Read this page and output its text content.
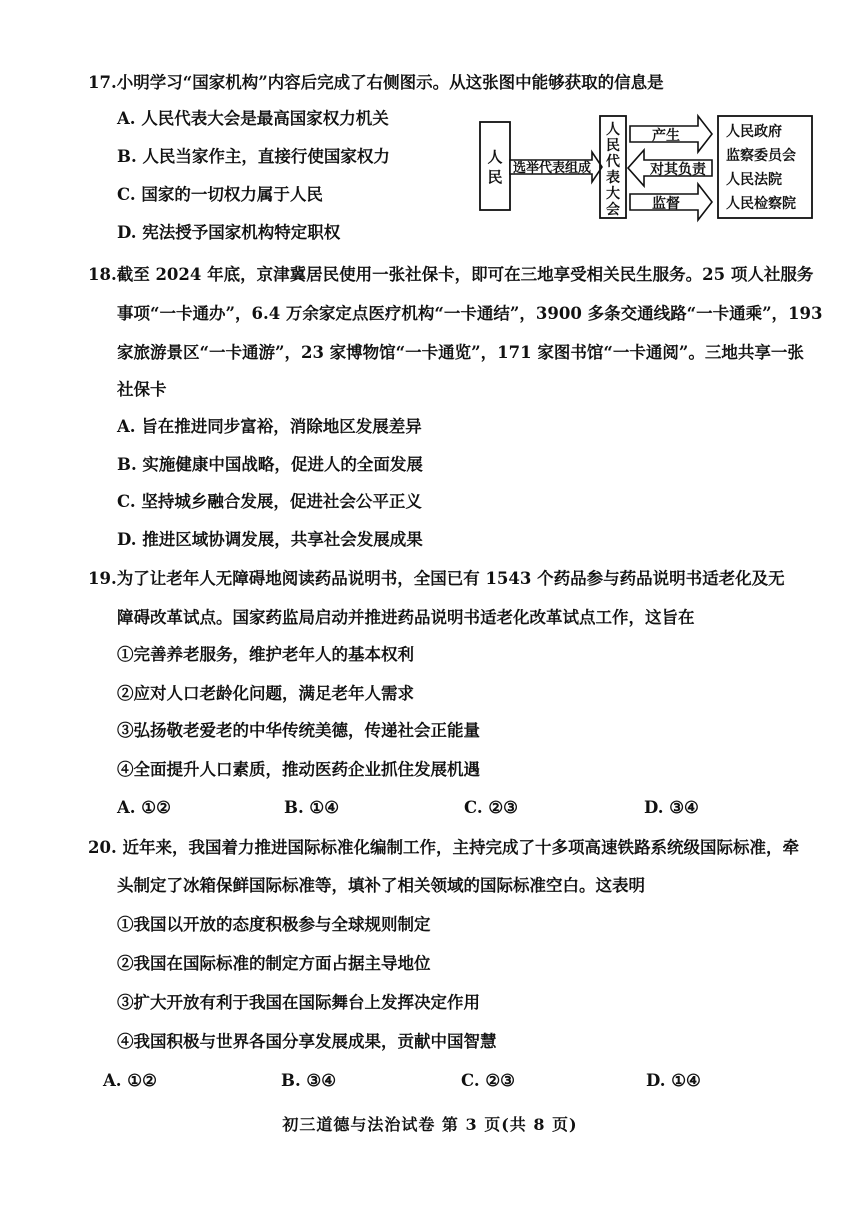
17.小明学习“国家机构”内容后完成了右侧图示。从这张图中能够获取的信息是
A. 人民代表大会是最高国家权力机关
B. 人民当家作主，直接行使国家权力
C. 国家的一切权力属于人民
D. 宪法授予国家机构特定职权
人民 选举代表组成
人
民
代
表
大
会
产生
对其负责
监督
人民政府
监察委员会
人民法院
人民检察院
18.截至 2024 年底，京津冀居民使用一张社保卡，即可在三地享受相关民生服务。25 项人社服务
事项“一卡通办”，6.4 万余家定点医疗机构“一卡通结”，3900 多条交通线路“一卡通乘”，193
家旅游景区“一卡通游”，23 家博物馆“一卡通览”，171 家图书馆“一卡通阅”。三地共享一张
社保卡
A. 旨在推进同步富裕，消除地区发展差异
B. 实施健康中国战略，促进人的全面发展
C. 坚持城乡融合发展，促进社会公平正义
D. 推进区域协调发展，共享社会发展成果
19.为了让老年人无障碍地阅读药品说明书，全国已有 1543 个药品参与药品说明书适老化及无
障碍改革试点。国家药监局启动并推进药品说明书适老化改革试点工作，这旨在
①完善养老服务，维护老年人的基本权利
②应对人口老龄化问题，满足老年人需求
③弘扬敬老爱老的中华传统美德，传递社会正能量
④全面提升人口素质，推动医药企业抓住发展机遇
A. ①②	B. ①④	C. ②③	D. ③④
20. 近年来，我国着力推进国际标准化编制工作，主持完成了十多项高速铁路系统级国际标准，牵
头制定了冰箱保鲜国际标准等，填补了相关领域的国际标准空白。这表明
①我国以开放的态度积极参与全球规则制定
②我国在国际标准的制定方面占据主导地位
③扩大开放有利于我国在国际舞台上发挥决定作用
④我国积极与世界各国分享发展成果，贡献中国智慧
A. ①②	B. ③④	C. ②③	D. ①④
初三道德与法治试卷 第 3 页(共 8 页)
